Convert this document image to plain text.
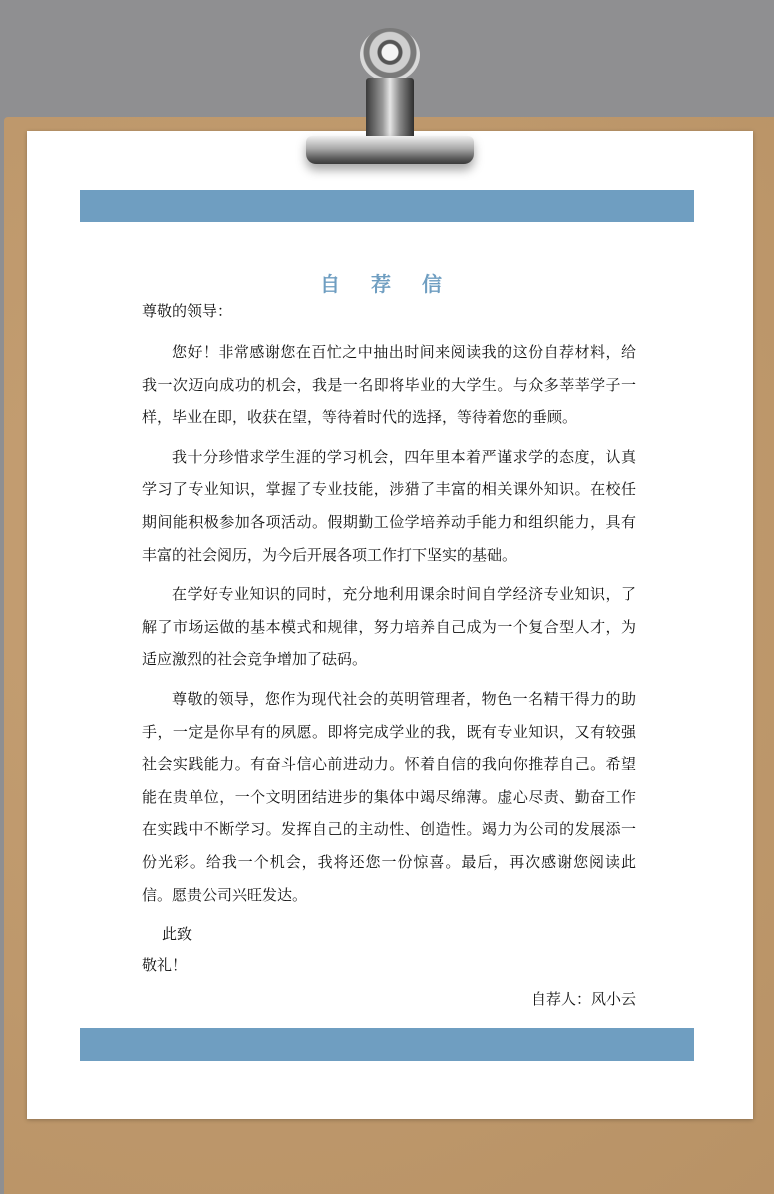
自 荐 信

尊敬的领导：

您好！非常感谢您在百忙之中抽出时间来阅读我的这份自荐材料，给我一次迈向成功的机会，我是一名即将毕业的大学生。与众多莘莘学子一样，毕业在即，收获在望，等待着时代的选择，等待着您的垂顾。

我十分珍惜求学生涯的学习机会，四年里本着严谨求学的态度，认真学习了专业知识，掌握了专业技能，涉猎了丰富的相关课外知识。在校任期间能积极参加各项活动。假期勤工俭学培养动手能力和组织能力，具有丰富的社会阅历，为今后开展各项工作打下坚实的基础。

在学好专业知识的同时，充分地利用课余时间自学经济专业知识，了解了市场运做的基本模式和规律，努力培养自己成为一个复合型人才，为适应激烈的社会竞争增加了砝码。

尊敬的领导，您作为现代社会的英明管理者，物色一名精干得力的助手，一定是你早有的夙愿。即将完成学业的我，既有专业知识，又有较强社会实践能力。有奋斗信心前进动力。怀着自信的我向你推荐自己。希望能在贵单位，一个文明团结进步的集体中竭尽绵薄。虚心尽责、勤奋工作在实践中不断学习。发挥自己的主动性、创造性。竭力为公司的发展添一份光彩。给我一个机会，我将还您一份惊喜。最后，再次感谢您阅读此信。愿贵公司兴旺发达。

此致

敬礼！

自荐人：风小云
